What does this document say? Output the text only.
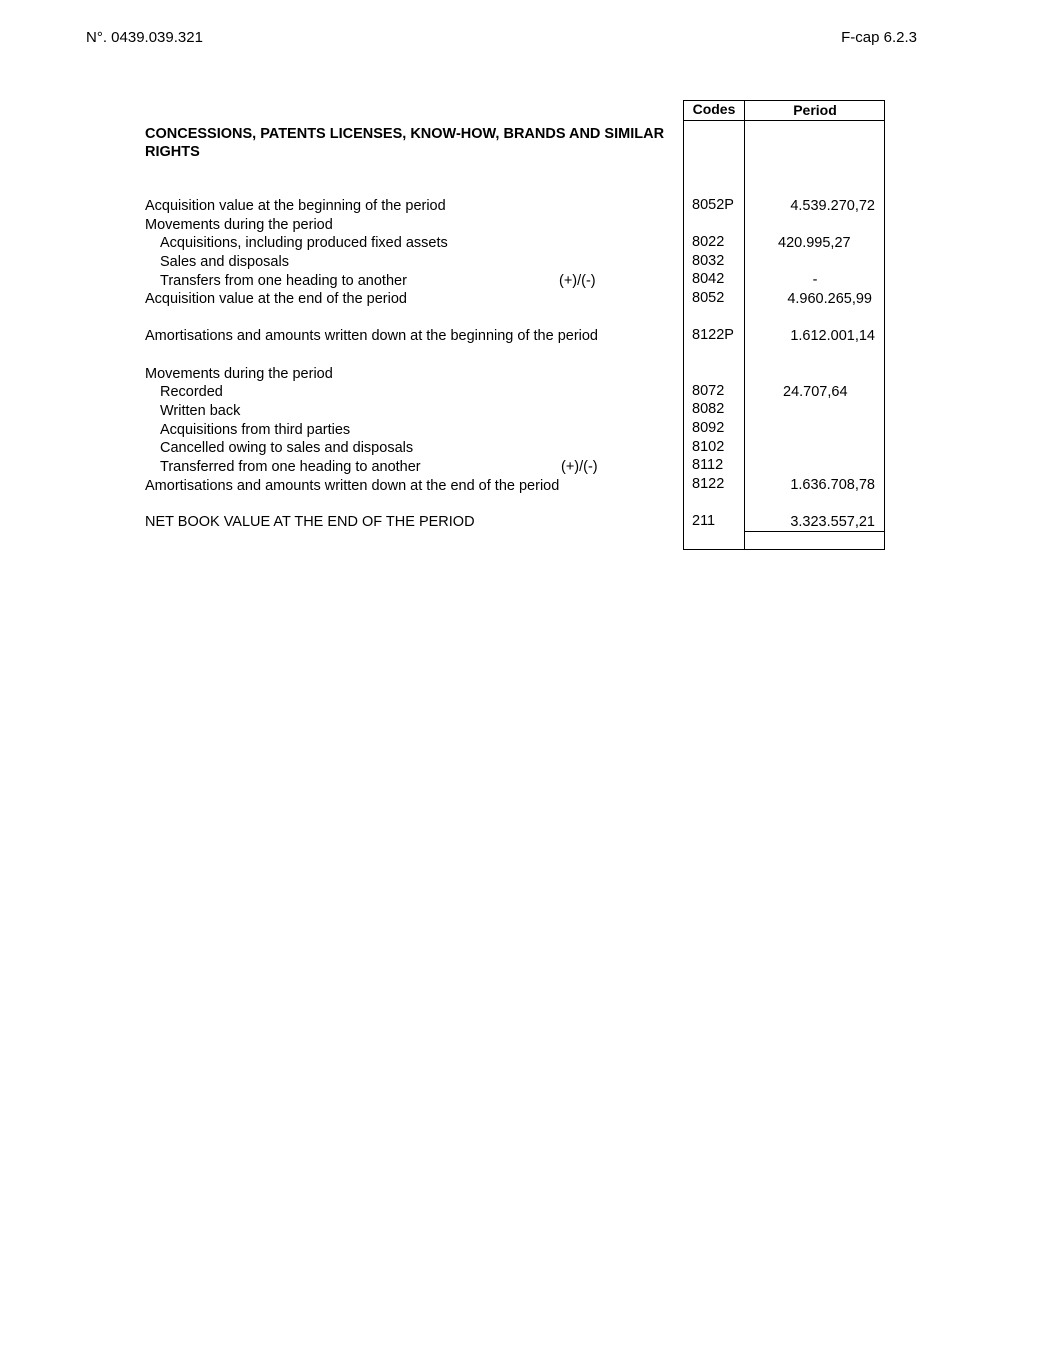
N°. 0439.039.321	F-cap 6.2.3
Codes	Period
CONCESSIONS, PATENTS LICENSES, KNOW-HOW, BRANDS AND SIMILAR RIGHTS
Acquisition value at the beginning of the period	8052P	4.539.270,72
Movements during the period
Acquisitions, including produced fixed assets	8022	420.995,27
Sales and disposals	8032
Transfers from one heading to another	(+)/(-)	8042	-
Acquisition value at the end of the period	8052	4.960.265,99
Amortisations and amounts written down at the beginning of the period	8122P	1.612.001,14
Movements during the period
Recorded	8072	24.707,64
Written back	8082
Acquisitions from third parties	8092
Cancelled owing to sales and disposals	8102
Transferred from one heading to another	(+)/(-)	8112
Amortisations and amounts written down at the end of the period	8122	1.636.708,78
NET BOOK VALUE AT THE END OF THE PERIOD	211	3.323.557,21
